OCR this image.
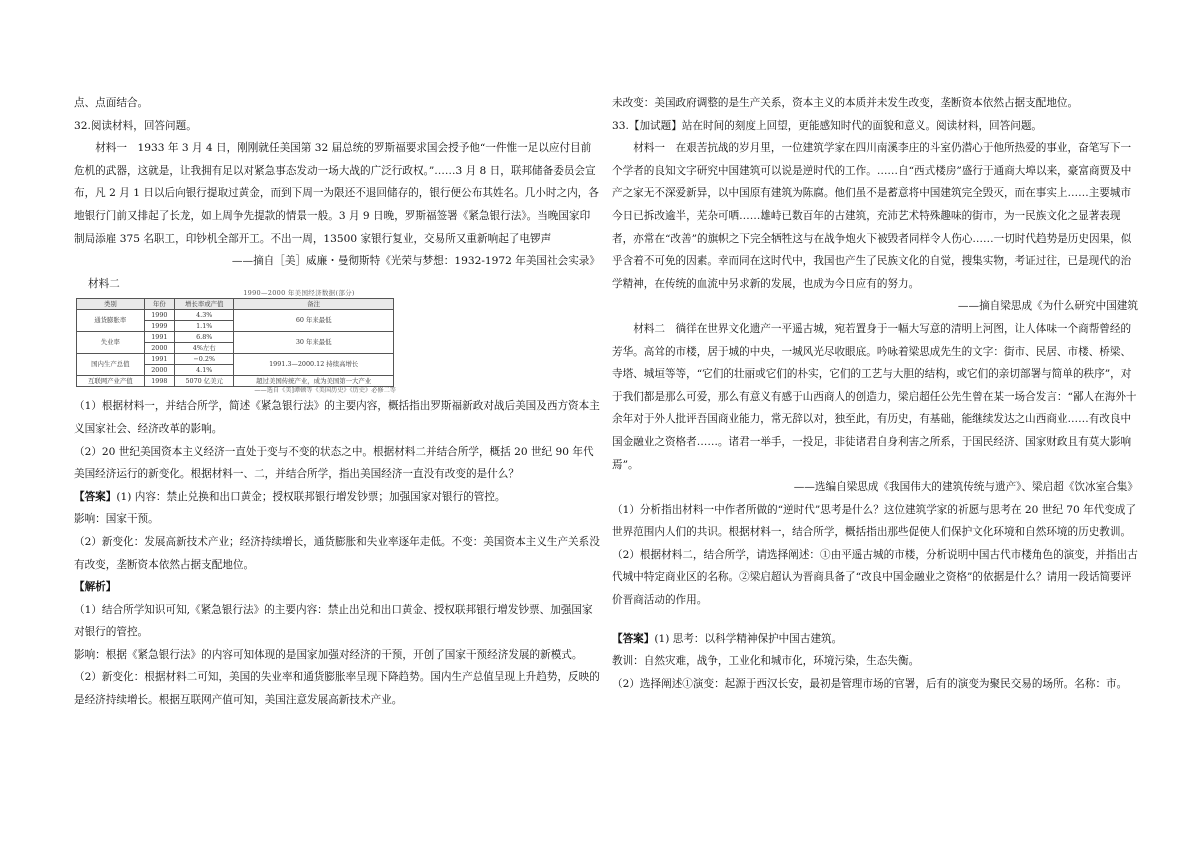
点、点面结合。

32.阅读材料，回答问题。

材料一　1933 年 3 月 4 日，刚刚就任美国第 32 届总统的罗斯福要求国会授予他“一件惟一足以应付目前危机的武器，这就是，让我拥有足以对紧急事态发动一场大战的广泛行政权。”……3 月 8 日，联邦储备委员会宣布，凡 2 月 1 日以后向银行提取过黄金，而到下周一为限还不退回储存的，银行便公布其姓名。几小时之内，各地银行门前又排起了长龙，如上周争先提款的情景一般。3 月 9 日晚，罗斯福签署《紧急银行法》。当晚国家印制局添雇 375 名职工，印钞机全部开工。不出一周，13500 家银行复业，交易所又重新响起了电锣声

——摘自［美］威廉・曼彻斯特《光荣与梦想：1932-1972 年美国社会实录》

材料二

1990—2000 年美国经济数据(部分)
类别	年份	增长率或产值	备注
通货膨胀率	1990	4.3%	60 年来最低
	1999	1.1%	
失业率	1991	6.8%	30 年来最低
	2000	4%左右	
国内生产总值	1991	−0.2%	1991.3—2000.12 持续高增长
	2000	4.1%	
互联网产业产值	1998	5070 亿美元	超过美国传统产业，成为美国第一大产业
——选自《美]谭顿等《美国历史》《历史》必修二等

（1）根据材料一，并结合所学，简述《紧急银行法》的主要内容，概括指出罗斯福新政对战后美国及西方资本主义国家社会、经济改革的影响。

（2）20 世纪美国资本主义经济一直处于变与不变的状态之中。根据材料二并结合所学，概括 20 世纪 90 年代美国经济运行的新变化。根据材料一、二，并结合所学，指出美国经济一直没有改变的是什么？

【答案】(1) 内容：禁止兑换和出口黄金；授权联邦银行增发钞票；加强国家对银行的管控。

影响：国家干预。

（2）新变化：发展高新技术产业；经济持续增长，通货膨胀和失业率逐年走低。不变：美国资本主义生产关系没有改变，垄断资本依然占据支配地位。

【解析】

（1）结合所学知识可知,《紧急银行法》的主要内容：禁止出兑和出口黄金、授权联邦银行增发钞票、加强国家对银行的管控。

影响：根据《紧急银行法》的内容可知体现的是国家加强对经济的干预，开创了国家干预经济发展的新模式。

（2）新变化：根据材料二可知，美国的失业率和通货膨胀率呈现下降趋势。国内生产总值呈现上升趋势，反映的是经济持续增长。根据互联网产值可知，美国注意发展高新技术产业。

未改变：美国政府调整的是生产关系，资本主义的本质并未发生改变，垄断资本依然占据支配地位。

33.【加试题】站在时间的刻度上回望，更能感知时代的面貌和意义。阅读材料，回答问题。

材料一　在艰苦抗战的岁月里，一位建筑学家在四川南溪李庄的斗室仍潜心于他所热爱的事业，奋笔写下一个学者的良知文字研究中国建筑可以说是逆时代的工作。……自“西式楼房”盛行于通商大埠以来，豪富商贾及中产之家无不深爱新异，以中国原有建筑为陈腐。他们虽不是蓄意将中国建筑完全毁灭，而在事实上……主要城市今日已拆改逾半，芜杂可哂……雄峙已数百年的古建筑，充沛艺术特殊趣味的街市，为一民族文化之显著表现者，亦常在“改善”的旗帜之下完全牺牲这与在战争炮火下被毁者同样令人伤心……一切时代趋势是历史因果，似乎含着不可免的因素。幸而同在这时代中，我国也产生了民族文化的自觉，搜集实物，考证过往，已是现代的治学精神，在传统的血流中另求新的发展，也成为今日应有的努力。

——摘自梁思成《为什么研究中国建筑

材料二　徜徉在世界文化遗产一平遥古城，宛若置身于一幅大写意的清明上河图，让人体味一个商帮曾经的芳华。高耸的市楼，居于城的中央，一城风光尽收眼底。吟咏着梁思成先生的文字：街市、民居、市楼、桥梁、寺塔、城垣等等，“它们的壮丽或它们的朴实，它们的工艺与大胆的结构，或它们的亲切部署与简单的秩序”，对于我们都是那么可爱，那么有意义有感于山西商人的创造力，梁启超任公先生曾在某一场合发言：“鄙人在海外十余年对于外人批评吾国商业能力，常无辞以对，独至此，有历史，有基础，能继续发达之山西商业……有改良中国金融业之资格者……。诸君一举手，一投足，非徒诸君自身利害之所系，于国民经济、国家财政且有莫大影响焉”。

——选编自梁思成《我国伟大的建筑传统与遗产》、梁启超《饮冰室合集》

（1）分析指出材料一中作者所做的“逆时代”思考是什么？这位建筑学家的祈愿与思考在 20 世纪 70 年代变成了世界范围内人们的共识。根据材料一，结合所学，概括指出那些促使人们保护文化环境和自然环境的历史教训。

（2）根据材料二，结合所学，请选择阐述：①由平遥古城的市楼，分析说明中国古代市楼角色的演变，并指出古代城中特定商业区的名称。②梁启超认为晋商具备了“改良中国金融业之资格”的依据是什么？请用一段话简要评价晋商活动的作用。

【答案】(1) 思考：以科学精神保护中国古建筑。

教训：自然灾难，战争，工业化和城市化，环境污染，生态失衡。

（2）选择阐述①演变：起源于西汉长安，最初是管理市场的官署，后有的演变为聚民交易的场所。名称：市。
